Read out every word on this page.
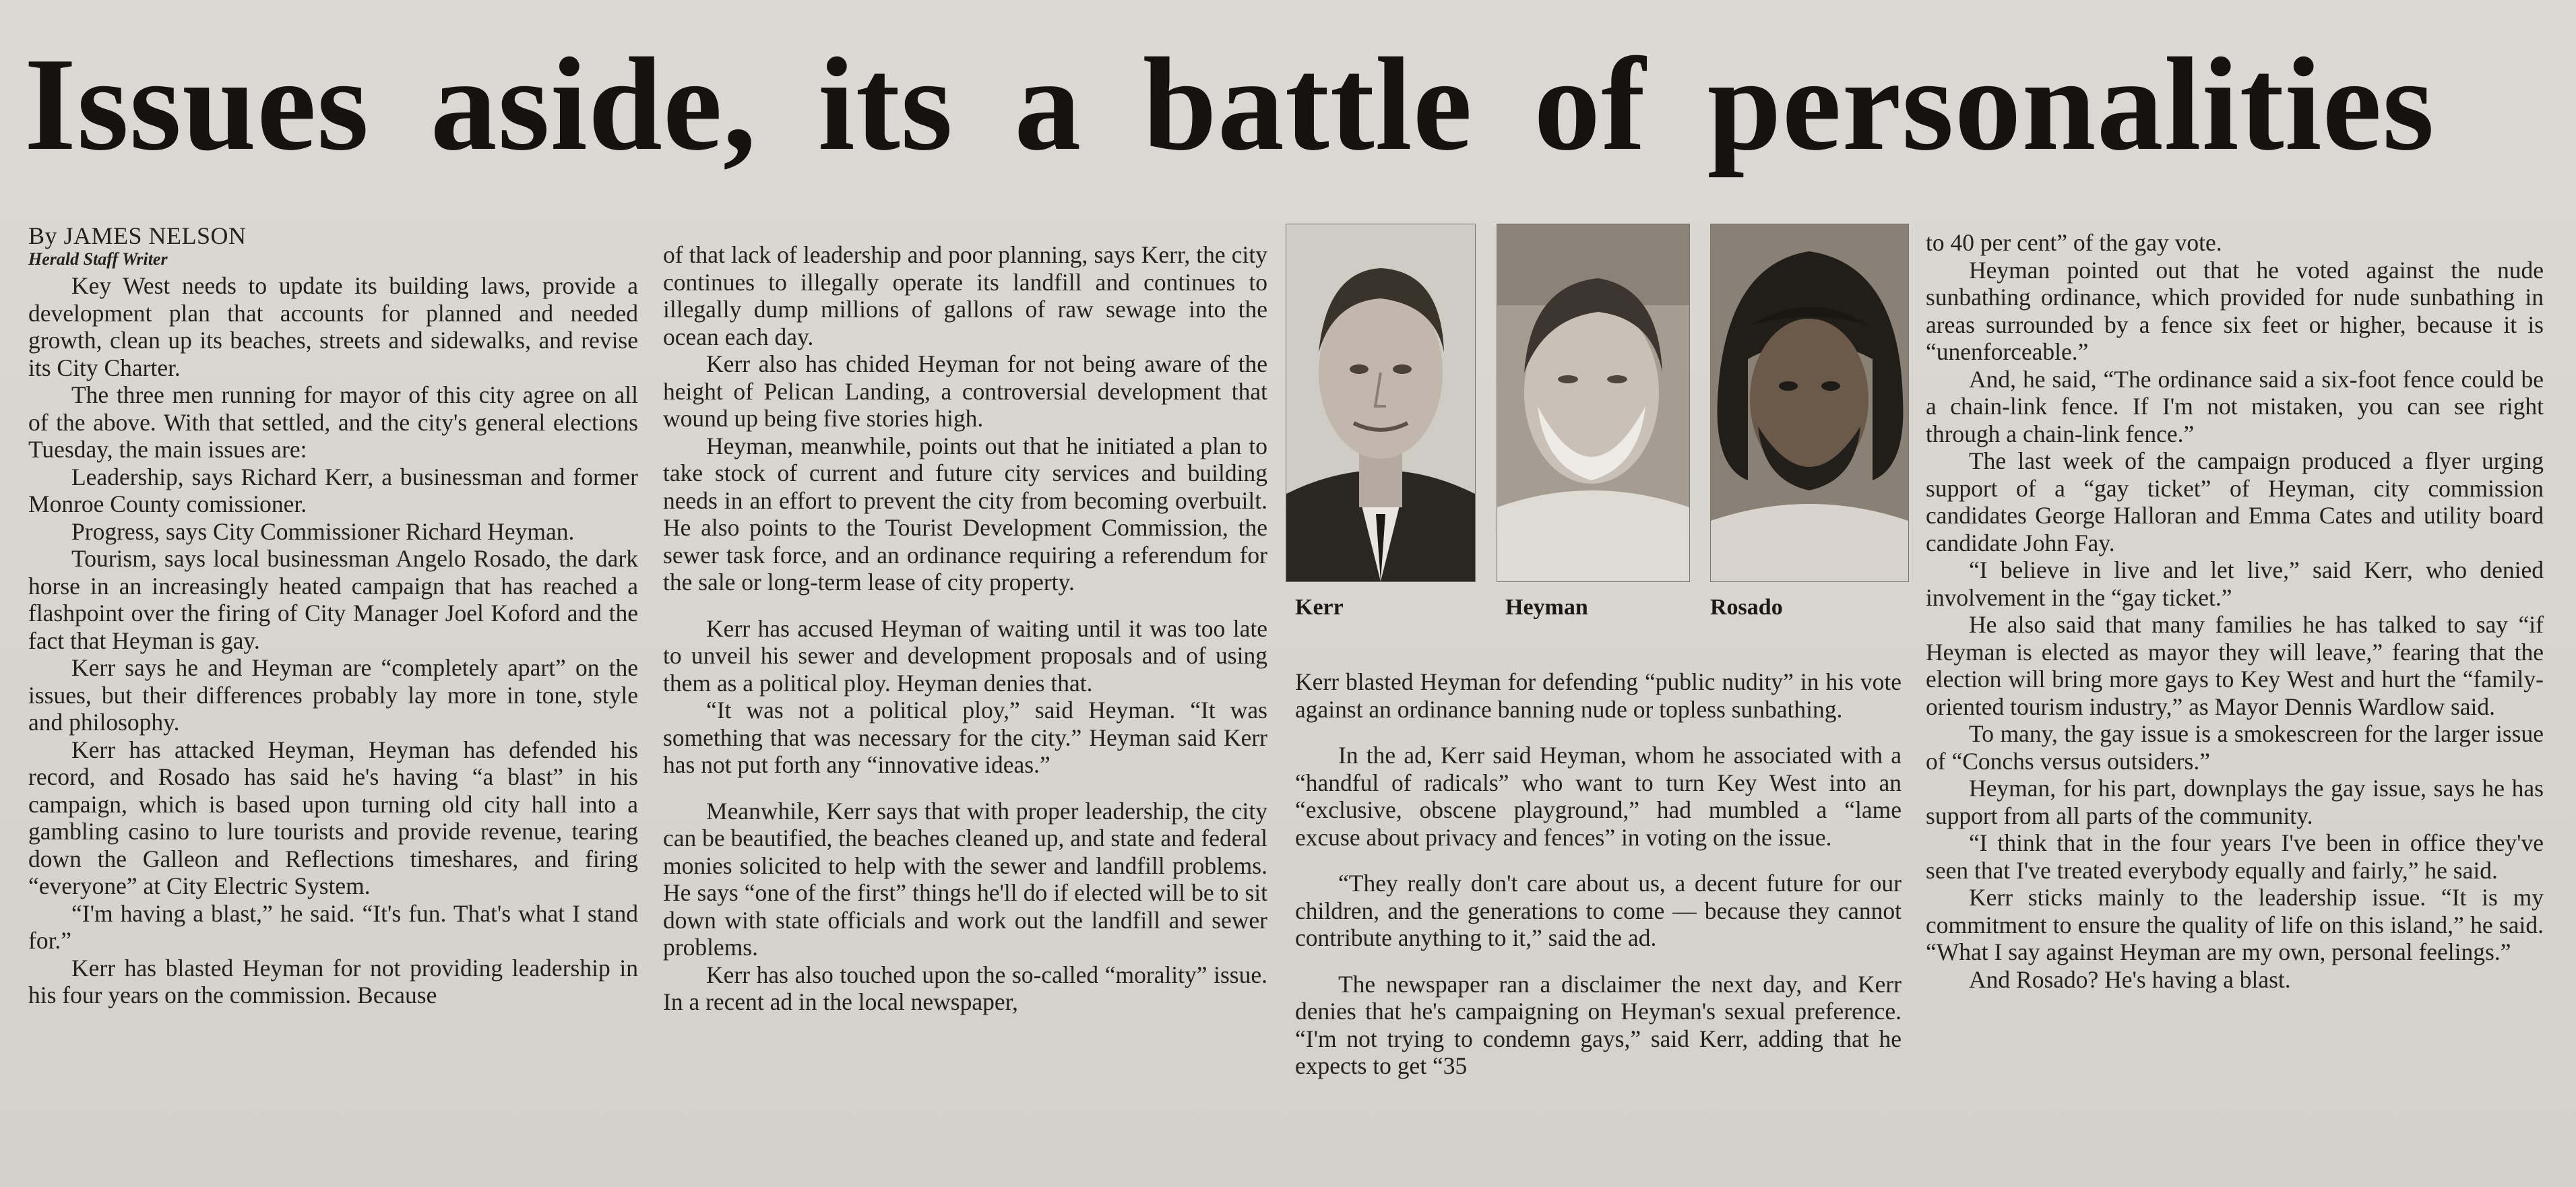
Issues aside, its a battle of personalities

By JAMES NELSON

Herald Staff Writer

Key West needs to update its building laws, provide a development plan that accounts for planned and needed growth, clean up its beaches, streets and sidewalks, and revise its City Charter.

The three men running for mayor of this city agree on all of the above. With that settled, and the city's general elections Tuesday, the main issues are:

Leadership, says Richard Kerr, a businessman and former Monroe County comissioner.

Progress, says City Commissioner Richard Heyman.

Tourism, says local businessman Angelo Rosado, the dark horse in an increasingly heated campaign that has reached a flashpoint over the firing of City Manager Joel Koford and the fact that Heyman is gay.

Kerr says he and Heyman are “completely apart” on the issues, but their differences probably lay more in tone, style and philosophy.

Kerr has attacked Heyman, Heyman has defended his record, and Rosado has said he's having “a blast” in his campaign, which is based upon turning old city hall into a gambling casino to lure tourists and provide revenue, tearing down the Galleon and Reflections timeshares, and firing “everyone” at City Electric System.

“I'm having a blast,” he said. “It's fun. That's what I stand for.”

Kerr has blasted Heyman for not providing leadership in his four years on the commission. Because

of that lack of leadership and poor planning, says Kerr, the city continues to illegally operate its landfill and continues to illegally dump millions of gallons of raw sewage into the ocean each day.

Kerr also has chided Heyman for not being aware of the height of Pelican Landing, a controversial development that wound up being five stories high.

Heyman, meanwhile, points out that he initiated a plan to take stock of current and future city services and building needs in an effort to prevent the city from becoming overbuilt. He also points to the Tourist Development Commission, the sewer task force, and an ordinance requiring a referendum for the sale or long-term lease of city property.

Kerr has accused Heyman of waiting until it was too late to unveil his sewer and development proposals and of using them as a political ploy. Heyman denies that.

“It was not a political ploy,” said Heyman. “It was something that was necessary for the city.” Heyman said Kerr has not put forth any “innovative ideas.”

Meanwhile, Kerr says that with proper leadership, the city can be beautified, the beaches cleaned up, and state and federal monies solicited to help with the sewer and landfill problems. He says “one of the first” things he'll do if elected will be to sit down with state officials and work out the landfill and sewer problems.

Kerr has also touched upon the so-called “morality” issue. In a recent ad in the local newspaper,

Kerr	Heyman	Rosado

Kerr blasted Heyman for defending “public nudity” in his vote against an ordinance banning nude or topless sunbathing.

In the ad, Kerr said Heyman, whom he associated with a “handful of radicals” who want to turn Key West into an “exclusive, obscene playground,” had mumbled a “lame excuse about privacy and fences” in voting on the issue.

“They really don't care about us, a decent future for our children, and the generations to come — because they cannot contribute anything to it,” said the ad.

The newspaper ran a disclaimer the next day, and Kerr denies that he's campaigning on Heyman's sexual preference. “I'm not trying to condemn gays,” said Kerr, adding that he expects to get “35

to 40 per cent” of the gay vote.

Heyman pointed out that he voted against the nude sunbathing ordinance, which provided for nude sunbathing in areas surrounded by a fence six feet or higher, because it is “unenforceable.”

And, he said, “The ordinance said a six-foot fence could be a chain-link fence. If I'm not mistaken, you can see right through a chain-link fence.”

The last week of the campaign produced a flyer urging support of a “gay ticket” of Heyman, city commission candidates George Halloran and Emma Cates and utility board candidate John Fay.

“I believe in live and let live,” said Kerr, who denied involvement in the “gay ticket.”

He also said that many families he has talked to say “if Heyman is elected as mayor they will leave,” fearing that the election will bring more gays to Key West and hurt the “family-oriented tourism industry,” as Mayor Dennis Wardlow said.

To many, the gay issue is a smokescreen for the larger issue of “Conchs versus outsiders.”

Heyman, for his part, downplays the gay issue, says he has support from all parts of the community.

“I think that in the four years I've been in office they've seen that I've treated everybody equally and fairly,” he said.

Kerr sticks mainly to the leadership issue. “It is my commitment to ensure the quality of life on this island,” he said. “What I say against Heyman are my own, personal feelings.”

And Rosado? He's having a blast.
